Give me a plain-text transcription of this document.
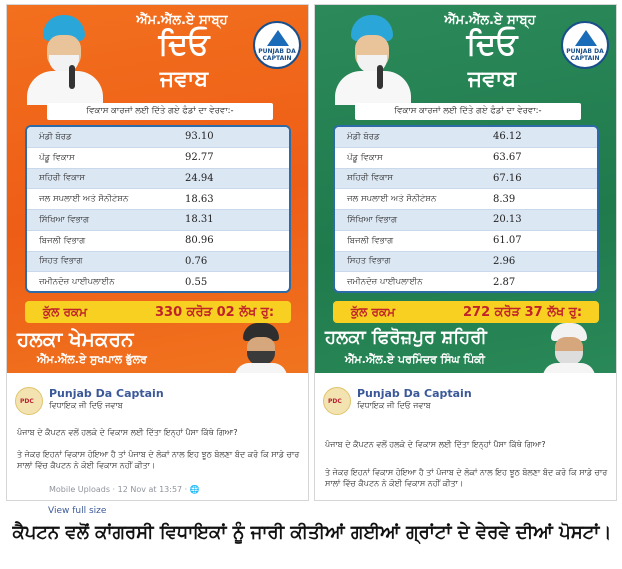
ਐੱਮ.ਐੱਲ.ਏ ਸਾਬ੍ਹ
ਦਿਓ
ਜਵਾਬ
PUNJAB DA CAPTAIN
ਵਿਕਾਸ ਕਾਰਜਾਂ ਲਈ ਦਿੱਤੇ ਗਏ ਫੰਡਾਂ ਦਾ ਵੇਰਵਾ:-
ਮੰਡੀ ਬੋਰਡ	93.10
ਪੇਂਡੂ ਵਿਕਾਸ	92.77
ਸ਼ਹਿਰੀ ਵਿਕਾਸ	24.94
ਜਲ ਸਪਲਾਈ ਅਤੇ ਸੈਨੀਟੇਸ਼ਨ	18.63
ਸਿੱਖਿਆ ਵਿਭਾਗ	18.31
ਬਿਜਲੀ ਵਿਭਾਗ	80.96
ਸਿਹਤ ਵਿਭਾਗ	0.76
ਜ਼ਮੀਨਦੋਜ਼ ਪਾਈਪਲਾਈਨ	0.55
ਕੁੱਲ ਰਕਮ	330 ਕਰੋੜ 02 ਲੱਖ ਰੁ:
ਹਲਕਾ ਖੇਮਕਰਨ
ਐੱਮ.ਐੱਲ.ਏ ਸੁਖਪਾਲ ਭੁੱਲਰ
PDC
Punjab Da Captain
ਵਿਧਾਇਕ ਜੀ ਦਿਓ ਜਵਾਬ
ਪੰਜਾਬ ਦੇ ਕੈਪਟਨ ਵਲੋਂ ਹਲਕੇ ਦੇ ਵਿਕਾਸ ਲਈ ਦਿੱਤਾ ਇਨ੍ਹਾਂ ਪੈਸਾ ਕਿੱਥੇ ਗਿਆ?
ਤੇ ਜੇਕਰ ਇਹਨਾਂ ਵਿਕਾਸ ਹੋਇਆ ਹੈ ਤਾਂ ਪੰਜਾਬ ਦੇ ਲੋਕਾਂ ਨਾਲ ਇਹ ਝੂਠ ਬੋਲਣਾ ਬੰਦ ਕਰੋ ਕਿ ਸਾਡੇ ਚਾਰ ਸਾਲਾਂ ਵਿੱਚ ਕੈਪਟਨ ਨੇ ਕੋਈ ਵਿਕਾਸ ਨਹੀਂ ਕੀਤਾ।
Mobile Uploads · 12 Nov at 13:57 · 🌐
ਐੱਮ.ਐੱਲ.ਏ ਸਾਬ੍ਹ
ਦਿਓ
ਜਵਾਬ
PUNJAB DA CAPTAIN
ਵਿਕਾਸ ਕਾਰਜਾਂ ਲਈ ਦਿੱਤੇ ਗਏ ਫੰਡਾਂ ਦਾ ਵੇਰਵਾ:-
ਮੰਡੀ ਬੋਰਡ	46.12
ਪੇਂਡੂ ਵਿਕਾਸ	63.67
ਸ਼ਹਿਰੀ ਵਿਕਾਸ	67.16
ਜਲ ਸਪਲਾਈ ਅਤੇ ਸੈਨੀਟੇਸ਼ਨ	8.39
ਸਿੱਖਿਆ ਵਿਭਾਗ	20.13
ਬਿਜਲੀ ਵਿਭਾਗ	61.07
ਸਿਹਤ ਵਿਭਾਗ	2.96
ਜ਼ਮੀਨਦੋਜ਼ ਪਾਈਪਲਾਈਨ	2.87
ਕੁੱਲ ਰਕਮ	272 ਕਰੋੜ 37 ਲੱਖ ਰੁ:
ਹਲਕਾ ਫਿਰੋਜ਼ਪੁਰ ਸ਼ਹਿਰੀ
ਐੱਮ.ਐੱਲ.ਏ ਪਰਮਿੰਦਰ ਸਿੰਘ ਪਿੰਕੀ
PDC
Punjab Da Captain
ਵਿਧਾਇਕ ਜੀ ਦਿਓ ਜਵਾਬ
ਪੰਜਾਬ ਦੇ ਕੈਪਟਨ ਵਲੋਂ ਹਲਕੇ ਦੇ ਵਿਕਾਸ ਲਈ ਦਿੱਤਾ ਇਨ੍ਹਾਂ ਪੈਸਾ ਕਿੱਥੇ ਗਿਆ?
ਤੇ ਜੇਕਰ ਇਹਨਾਂ ਵਿਕਾਸ ਹੋਇਆ ਹੈ ਤਾਂ ਪੰਜਾਬ ਦੇ ਲੋਕਾਂ ਨਾਲ ਇਹ ਝੂਠ ਬੋਲਣਾ ਬੰਦ ਕਰੋ ਕਿ ਸਾਡੇ ਚਾਰ ਸਾਲਾਂ ਵਿੱਚ ਕੈਪਟਨ ਨੇ ਕੋਈ ਵਿਕਾਸ ਨਹੀਂ ਕੀਤਾ।
View full size
ਕੈਪਟਨ ਵਲੋਂ ਕਾਂਗਰਸੀ ਵਿਧਾਇਕਾਂ ਨੂੰ ਜਾਰੀ ਕੀਤੀਆਂ ਗਈਆਂ ਗ੍ਰਾਂਟਾਂ ਦੇ ਵੇਰਵੇ ਦੀਆਂ ਪੋਸਟਾਂ।
